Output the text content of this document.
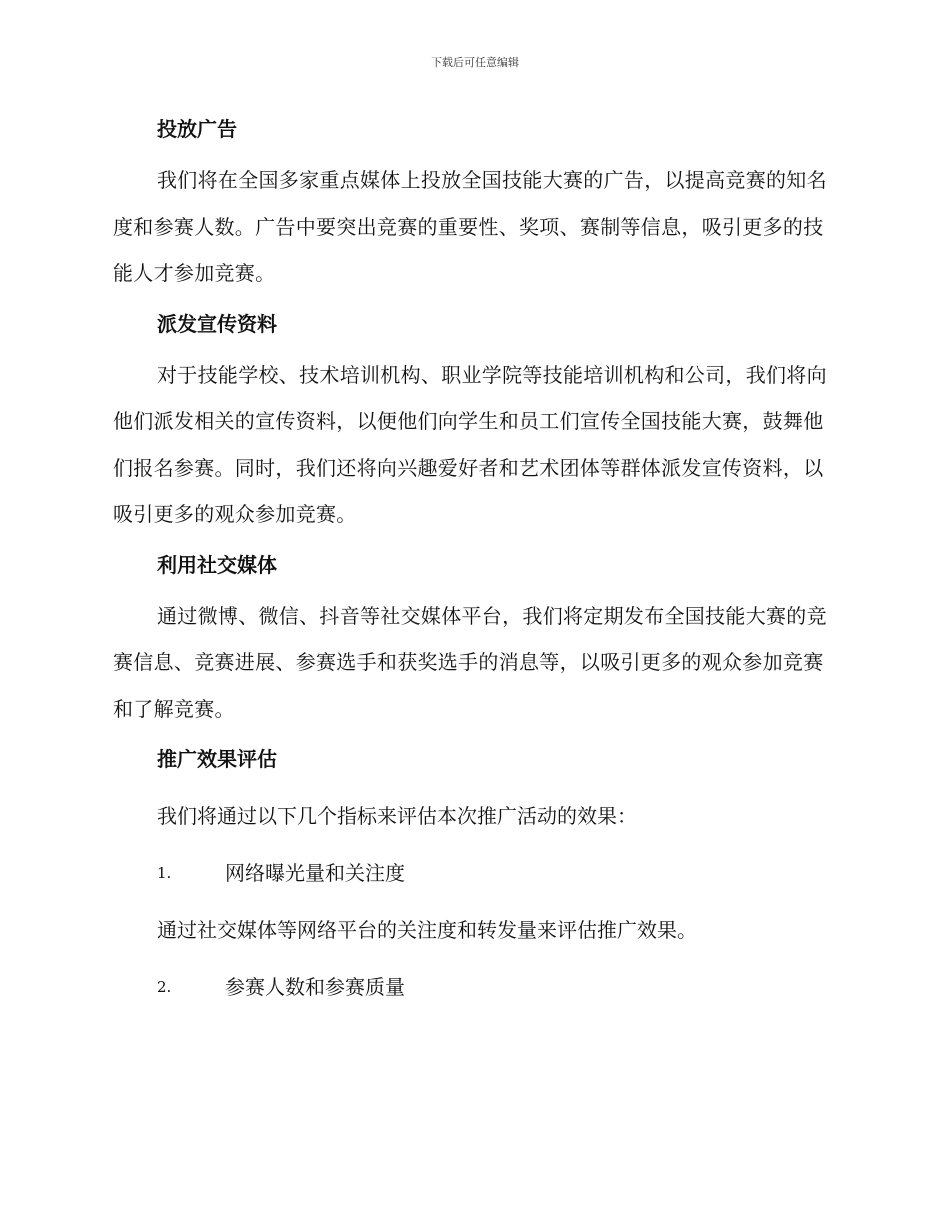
下载后可任意编辑
投放广告

我们将在全国多家重点媒体上投放全国技能大赛的广告，以提高竞赛的知名度和参赛人数。广告中要突出竞赛的重要性、奖项、赛制等信息，吸引更多的技能人才参加竞赛。

派发宣传资料

对于技能学校、技术培训机构、职业学院等技能培训机构和公司，我们将向他们派发相关的宣传资料，以便他们向学生和员工们宣传全国技能大赛，鼓舞他们报名参赛。同时，我们还将向兴趣爱好者和艺术团体等群体派发宣传资料，以吸引更多的观众参加竞赛。

利用社交媒体

通过微博、微信、抖音等社交媒体平台，我们将定期发布全国技能大赛的竞赛信息、竞赛进展、参赛选手和获奖选手的消息等，以吸引更多的观众参加竞赛和了解竞赛。

推广效果评估

我们将通过以下几个指标来评估本次推广活动的效果：

1.	网络曝光量和关注度

通过社交媒体等网络平台的关注度和转发量来评估推广效果。

2.	参赛人数和参赛质量
